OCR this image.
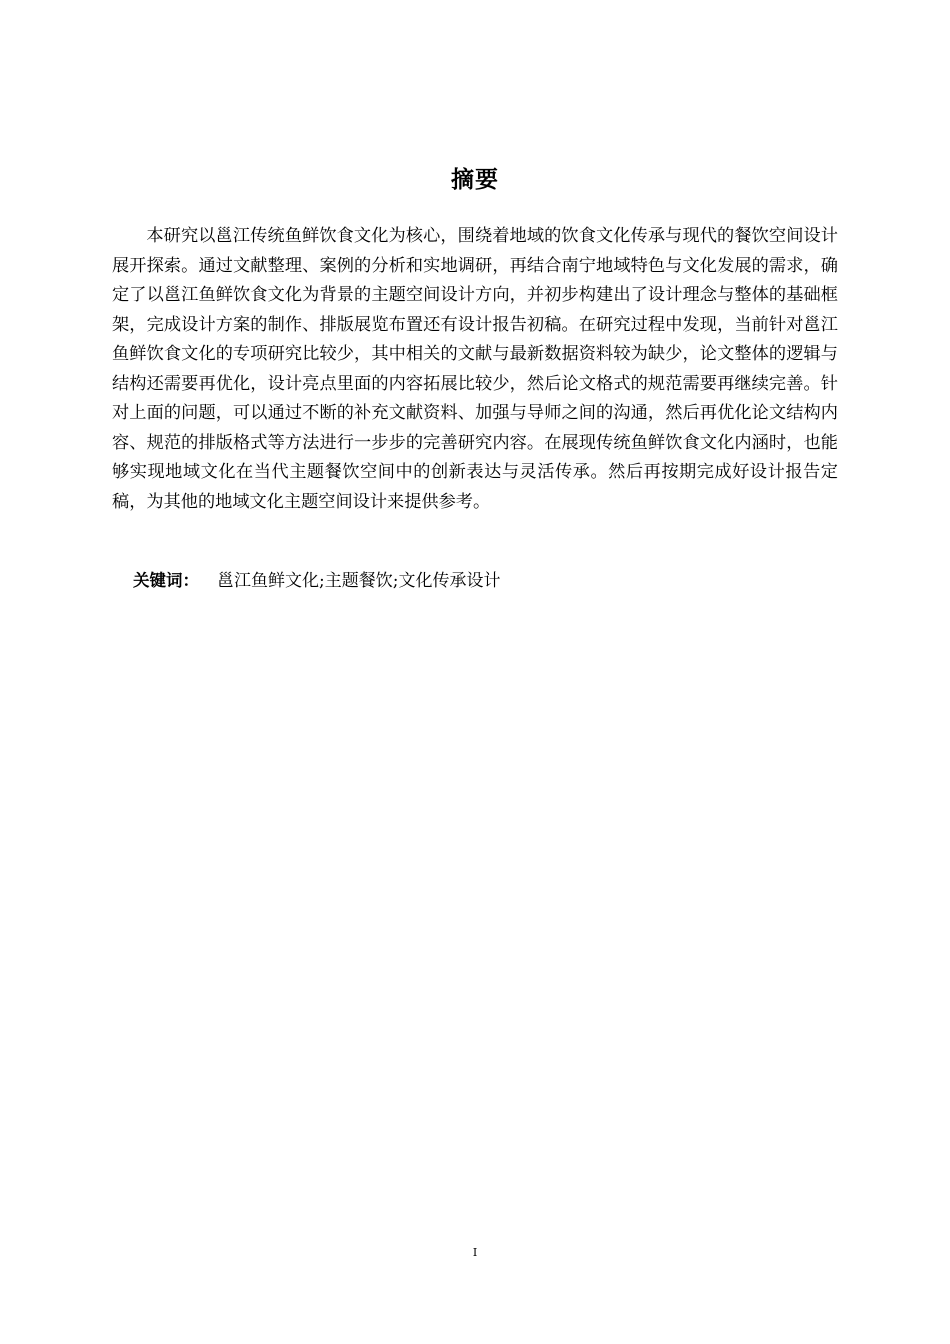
摘要

本研究以邕江传统鱼鲜饮食文化为核心，围绕着地域的饮食文化传承与现代的餐饮空间设计展开探索。通过文献整理、案例的分析和实地调研，再结合南宁地域特色与文化发展的需求，确定了以邕江鱼鲜饮食文化为背景的主题空间设计方向，并初步构建出了设计理念与整体的基础框架，完成设计方案的制作、排版展览布置还有设计报告初稿。在研究过程中发现，当前针对邕江鱼鲜饮食文化的专项研究比较少，其中相关的文献与最新数据资料较为缺少，论文整体的逻辑与结构还需要再优化，设计亮点里面的内容拓展比较少，然后论文格式的规范需要再继续完善。针对上面的问题，可以通过不断的补充文献资料、加强与导师之间的沟通，然后再优化论文结构内容、规范的排版格式等方法进行一步步的完善研究内容。在展现传统鱼鲜饮食文化内涵时，也能够实现地域文化在当代主题餐饮空间中的创新表达与灵活传承。然后再按期完成好设计报告定稿，为其他的地域文化主题空间设计来提供参考。

关键词： 邕江鱼鲜文化;主题餐饮;文化传承设计
I
